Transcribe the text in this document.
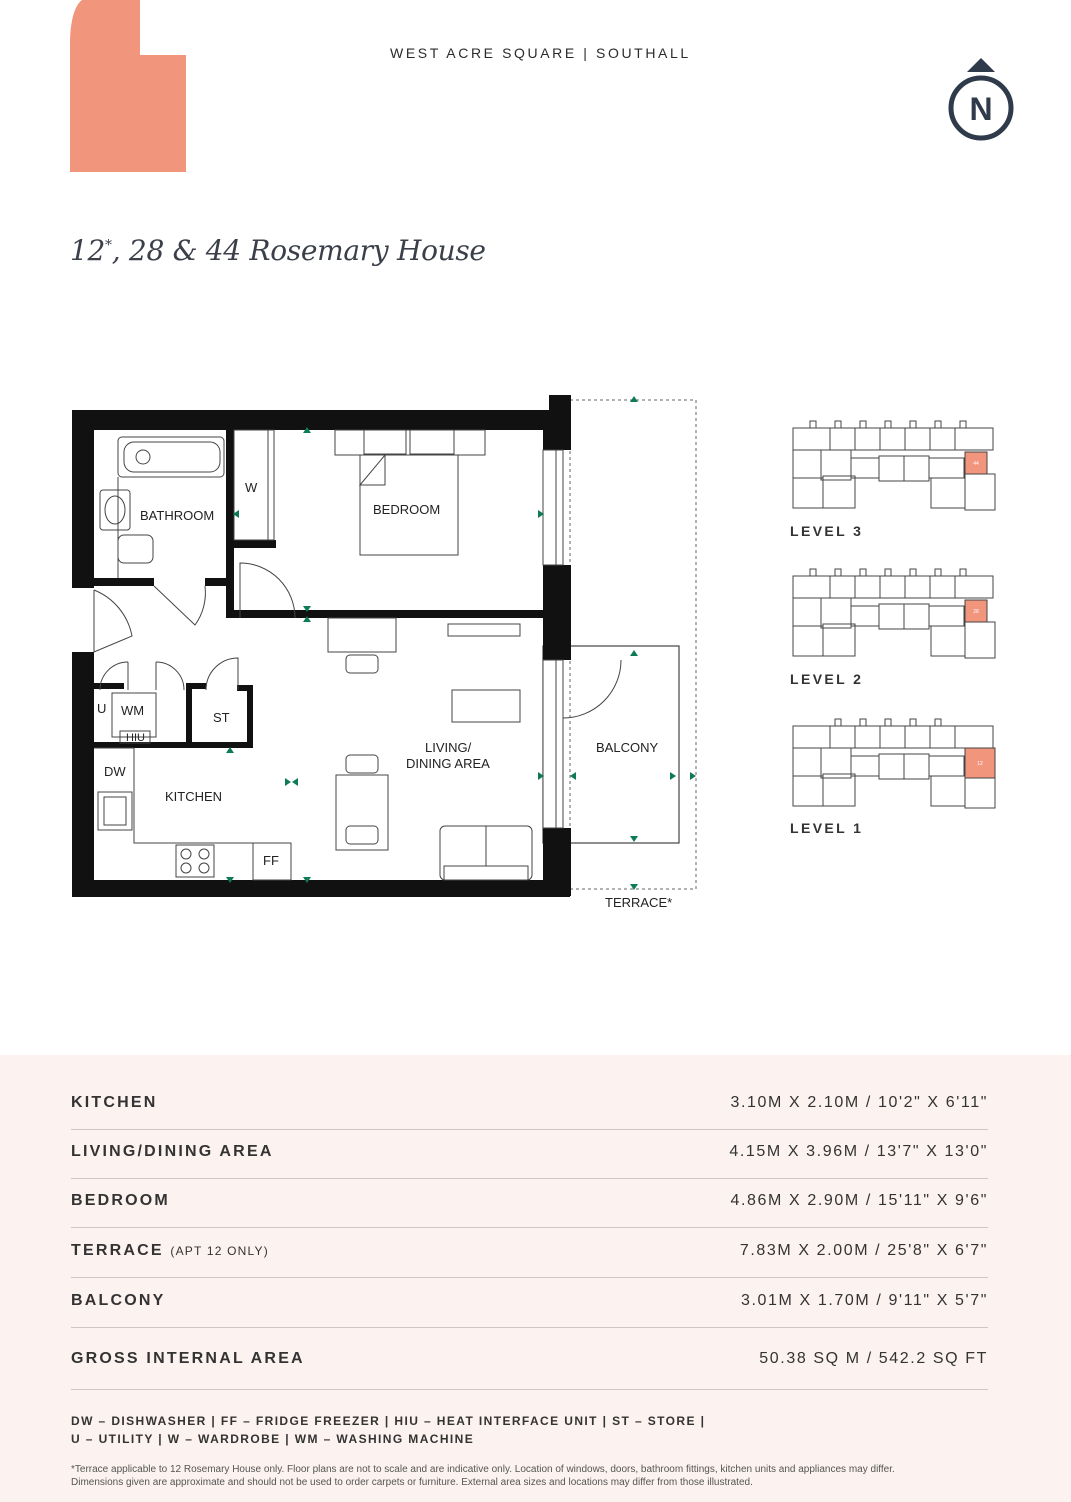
WEST ACRE SQUARE | SOUTHALL
N
12*, 28 & 44 Rosemary House
BATHROOM
W
BEDROOM
LIVING/
DINING AREA
KITCHEN
BALCONY
TERRACE*
U WM
HIU
ST
DW
FF
44
LEVEL 3
28
LEVEL 2
12
LEVEL 1
KITCHEN	3.10M X 2.10M / 10'2" X 6'11"
LIVING/DINING AREA	4.15M X 3.96M / 13'7" X 13'0"
BEDROOM	4.86M X 2.90M / 15'11" X 9'6"
TERRACE (APT 12 ONLY)	7.83M X 2.00M / 25'8" X 6'7"
BALCONY	3.01M X 1.70M / 9'11" X 5'7"
GROSS INTERNAL AREA	50.38 SQ M / 542.2 SQ FT
DW – DISHWASHER | FF – FRIDGE FREEZER | HIU – HEAT INTERFACE UNIT | ST – STORE |
U – UTILITY | W – WARDROBE | WM – WASHING MACHINE
*Terrace applicable to 12 Rosemary House only. Floor plans are not to scale and are indicative only. Location of windows, doors, bathroom fittings, kitchen units and appliances may differ.
Dimensions given are approximate and should not be used to order carpets or furniture. External area sizes and locations may differ from those illustrated.
